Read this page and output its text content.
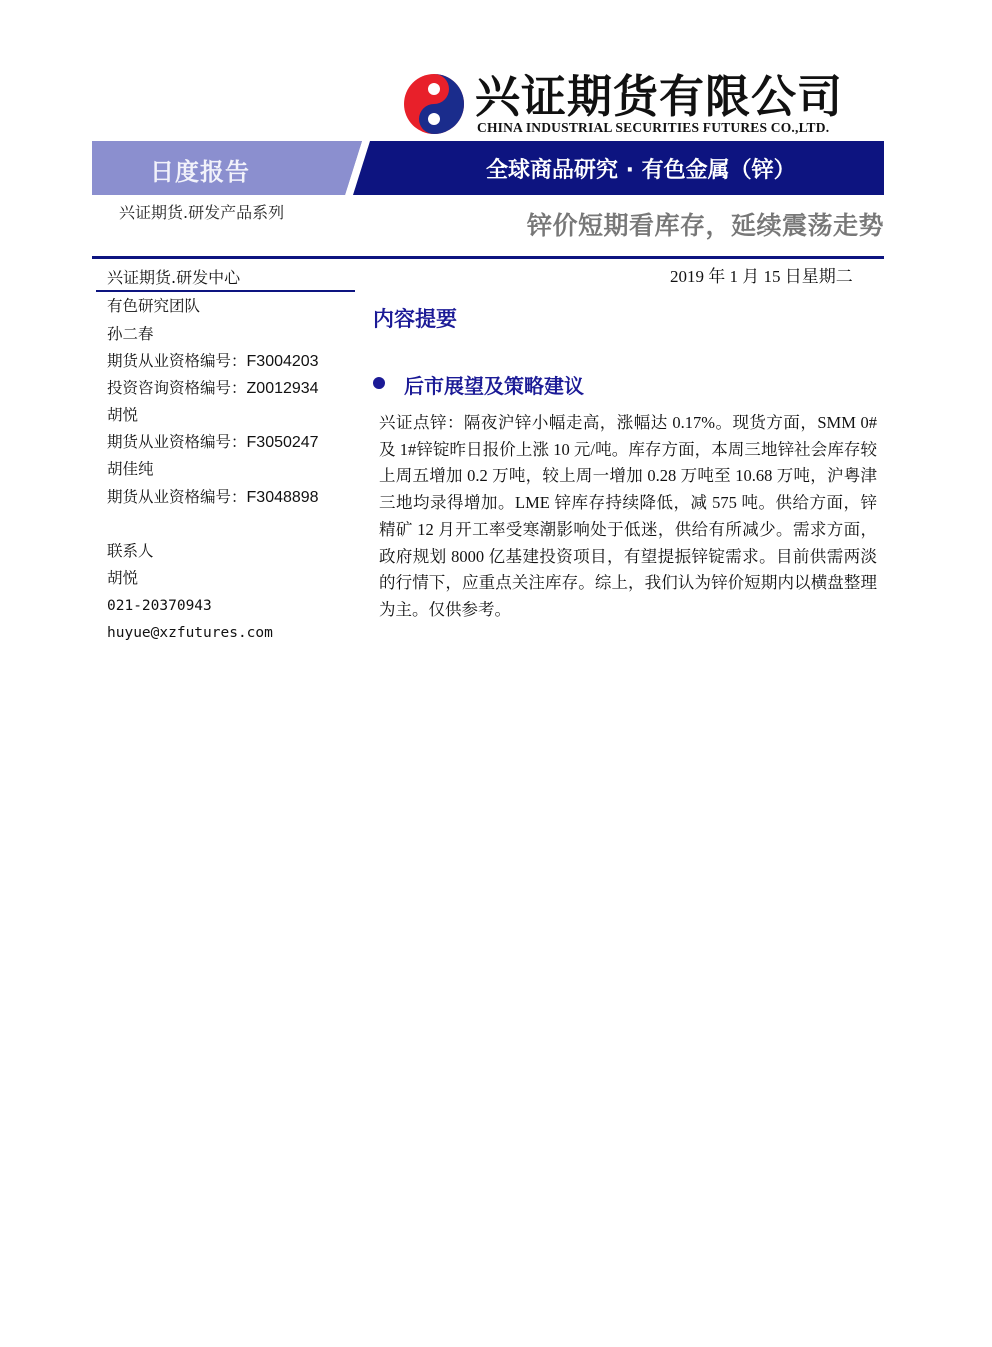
兴证期货有限公司
CHINA INDUSTRIAL SECURITIES FUTURES CO.,LTD.
日度报告	全球商品研究 · 有色金属（锌）
兴证期货.研发产品系列	锌价短期看库存，延续震荡走势
兴证期货.研发中心
有色研究团队
孙二春
期货从业资格编号：F3004203
投资咨询资格编号：Z0012934
胡悦
期货从业资格编号：F3050247
胡佳纯
期货从业资格编号：F3048898
联系人
胡悦
021-20370943
huyue@xzfutures.com
2019 年 1 月 15 日星期二
内容提要
后市展望及策略建议
兴证点锌：隔夜沪锌小幅走高，涨幅达 0.17%。现货方面，SMM 0#及 1#锌锭昨日报价上涨 10 元/吨。库存方面，本周三地锌社会库存较上周五增加 0.2 万吨，较上周一增加 0.28 万吨至 10.68 万吨，沪粤津三地均录得增加。LME 锌库存持续降低，减 575 吨。供给方面，锌精矿 12 月开工率受寒潮影响处于低迷，供给有所减少。需求方面，政府规划 8000 亿基建投资项目，有望提振锌锭需求。目前供需两淡的行情下，应重点关注库存。综上，我们认为锌价短期内以横盘整理为主。仅供参考。
